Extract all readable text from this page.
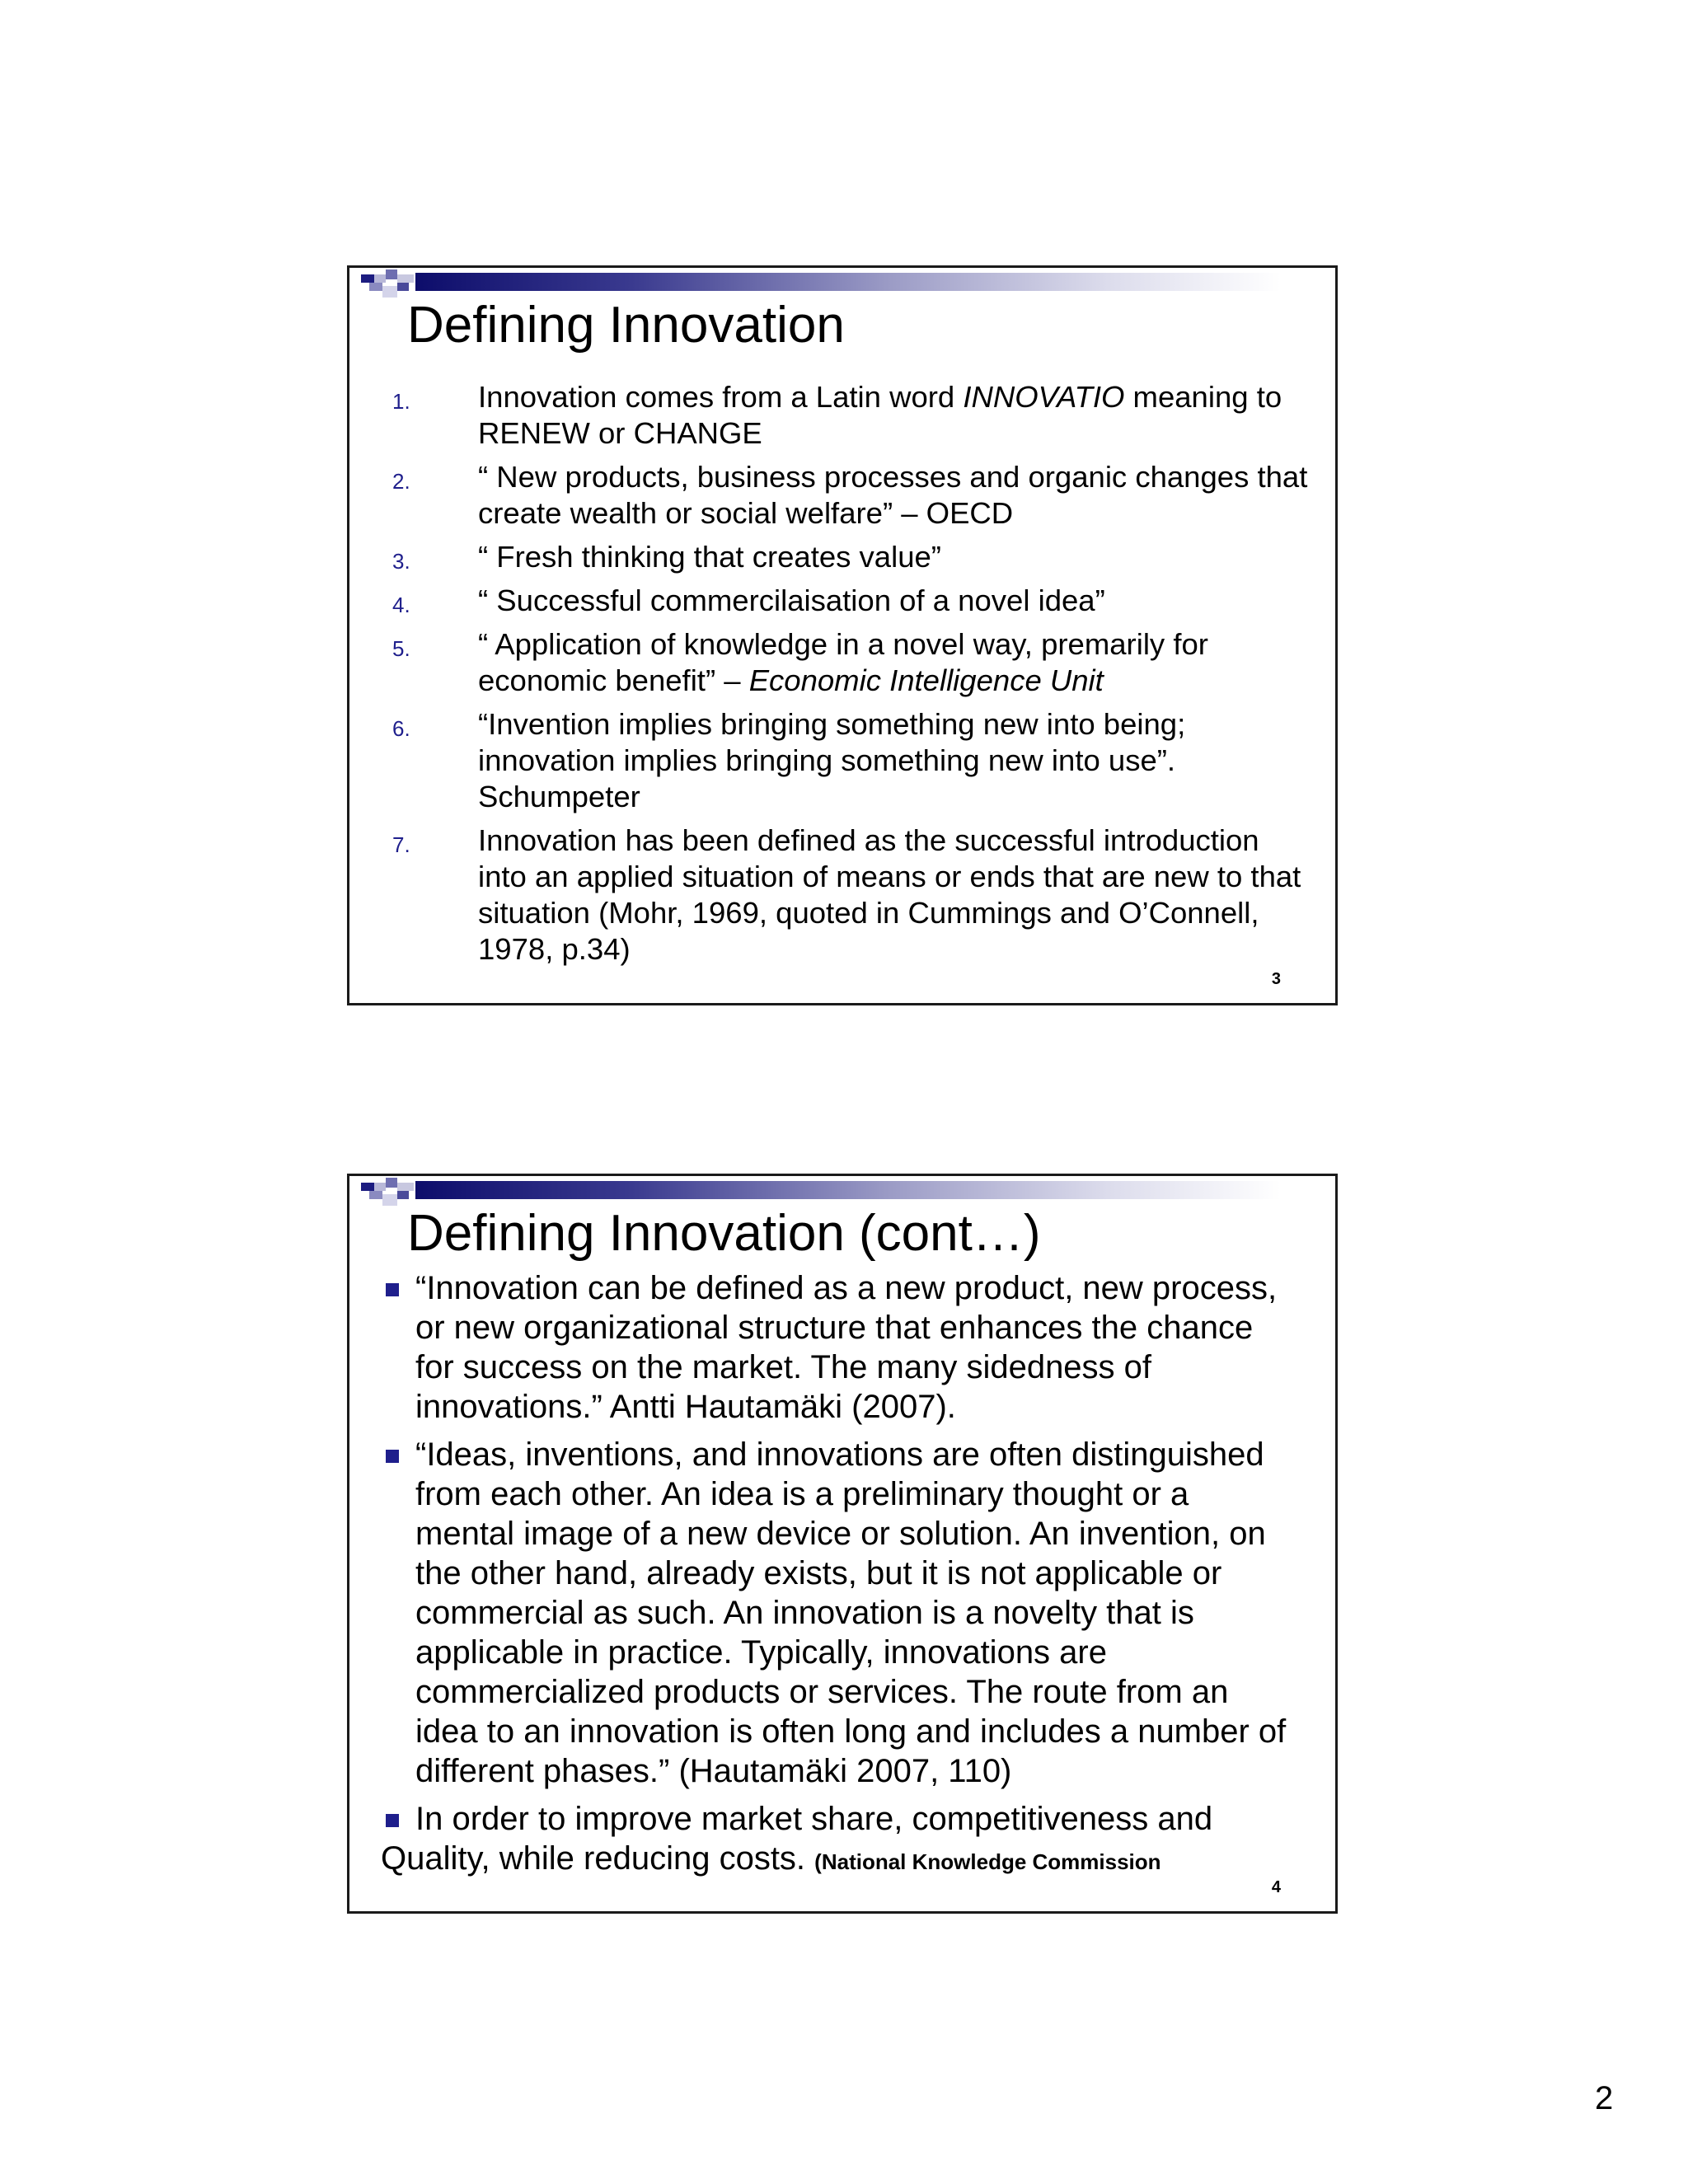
Defining Innovation
1. Innovation comes from a Latin word INNOVATIO meaning to
RENEW or CHANGE
2. “ New products, business processes and organic changes that
create wealth or social welfare” – OECD
3. “ Fresh thinking that creates value”
4. “ Successful commercilaisation of a novel idea”
5. “ Application of knowledge in a novel way, premarily for
economic benefit” – Economic Intelligence Unit
6. “Invention implies bringing something new into being;
innovation implies bringing something new into use”.
Schumpeter
7. Innovation has been defined as the successful introduction
into an applied situation of means or ends that are new to that
situation (Mohr, 1969, quoted in Cummings and O’Connell,
1978, p.34)
3
Defining Innovation (cont…)
“Innovation can be defined as a new product, new process,
or new organizational structure that enhances the chance
for success on the market. The many sidedness of
innovations.” Antti Hautamäki (2007).
“Ideas, inventions, and innovations are often distinguished
from each other. An idea is a preliminary thought or a
mental image of a new device or solution. An invention, on
the other hand, already exists, but it is not applicable or
commercial as such. An innovation is a novelty that is
applicable in practice. Typically, innovations are
commercialized products or services. The route from an
idea to an innovation is often long and includes a number of
different phases.” (Hautamäki 2007, 110)
In order to improve market share, competitiveness and
Quality, while reducing costs. (National Knowledge Commission
4
2
